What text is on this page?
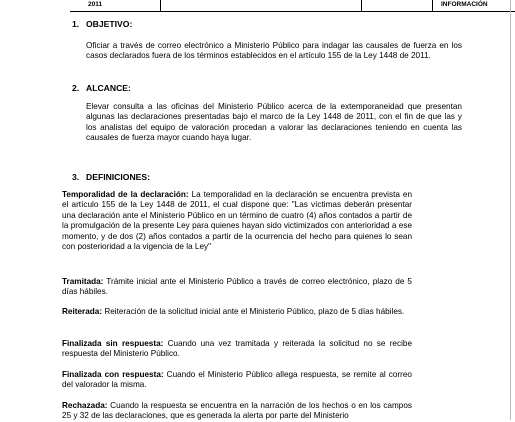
2011	INFORMACIÓN
1. OBJETIVO:
Oficiar a través de correo electrónico a Ministerio Público para indagar las causales de fuerza en los casos declarados fuera de los términos establecidos en el artículo 155 de la Ley 1448 de 2011.
2. ALCANCE:
Elevar consulta a las oficinas del Ministerio Público acerca de la extemporaneidad que presentan algunas las declaraciones presentadas bajo el marco de la Ley 1448 de 2011, con el fin de que las y los analistas del equipo de valoración procedan a valorar las declaraciones teniendo en cuenta las causales de fuerza mayor cuando haya lugar.
3. DEFINICIONES:
Temporalidad de la declaración: La temporalidad en la declaración se encuentra prevista en el artículo 155 de la Ley 1448 de 2011, el cual dispone que: "Las víctimas deberán presentar una declaración ante el Ministerio Público en un término de cuatro (4) años contados a partir de la promulgación de la presente Ley para quienes hayan sido victimizados con anterioridad a ese momento, y de dos (2) años contados a partir de la ocurrencia del hecho para quienes lo sean con posterioridad a la vigencia de la Ley"
Tramitada: Trámite inicial ante el Ministerio Público a través de correo electrónico, plazo de 5 días hábiles.
Reiterada: Reiteración de la solicitud inicial ante el Ministerio Público, plazo de 5 días hábiles.
Finalizada sin respuesta: Cuando una vez tramitada y reiterada la solicitud no se recibe respuesta del Ministerio Público.
Finalizada con respuesta: Cuando el Ministerio Público allega respuesta, se remite al correo del valorador la misma.
Rechazada: Cuando la respuesta se encuentra en la narración de los hechos o en los campos 25 y 32 de las declaraciones, que es generada la alerta por parte del Ministerio
